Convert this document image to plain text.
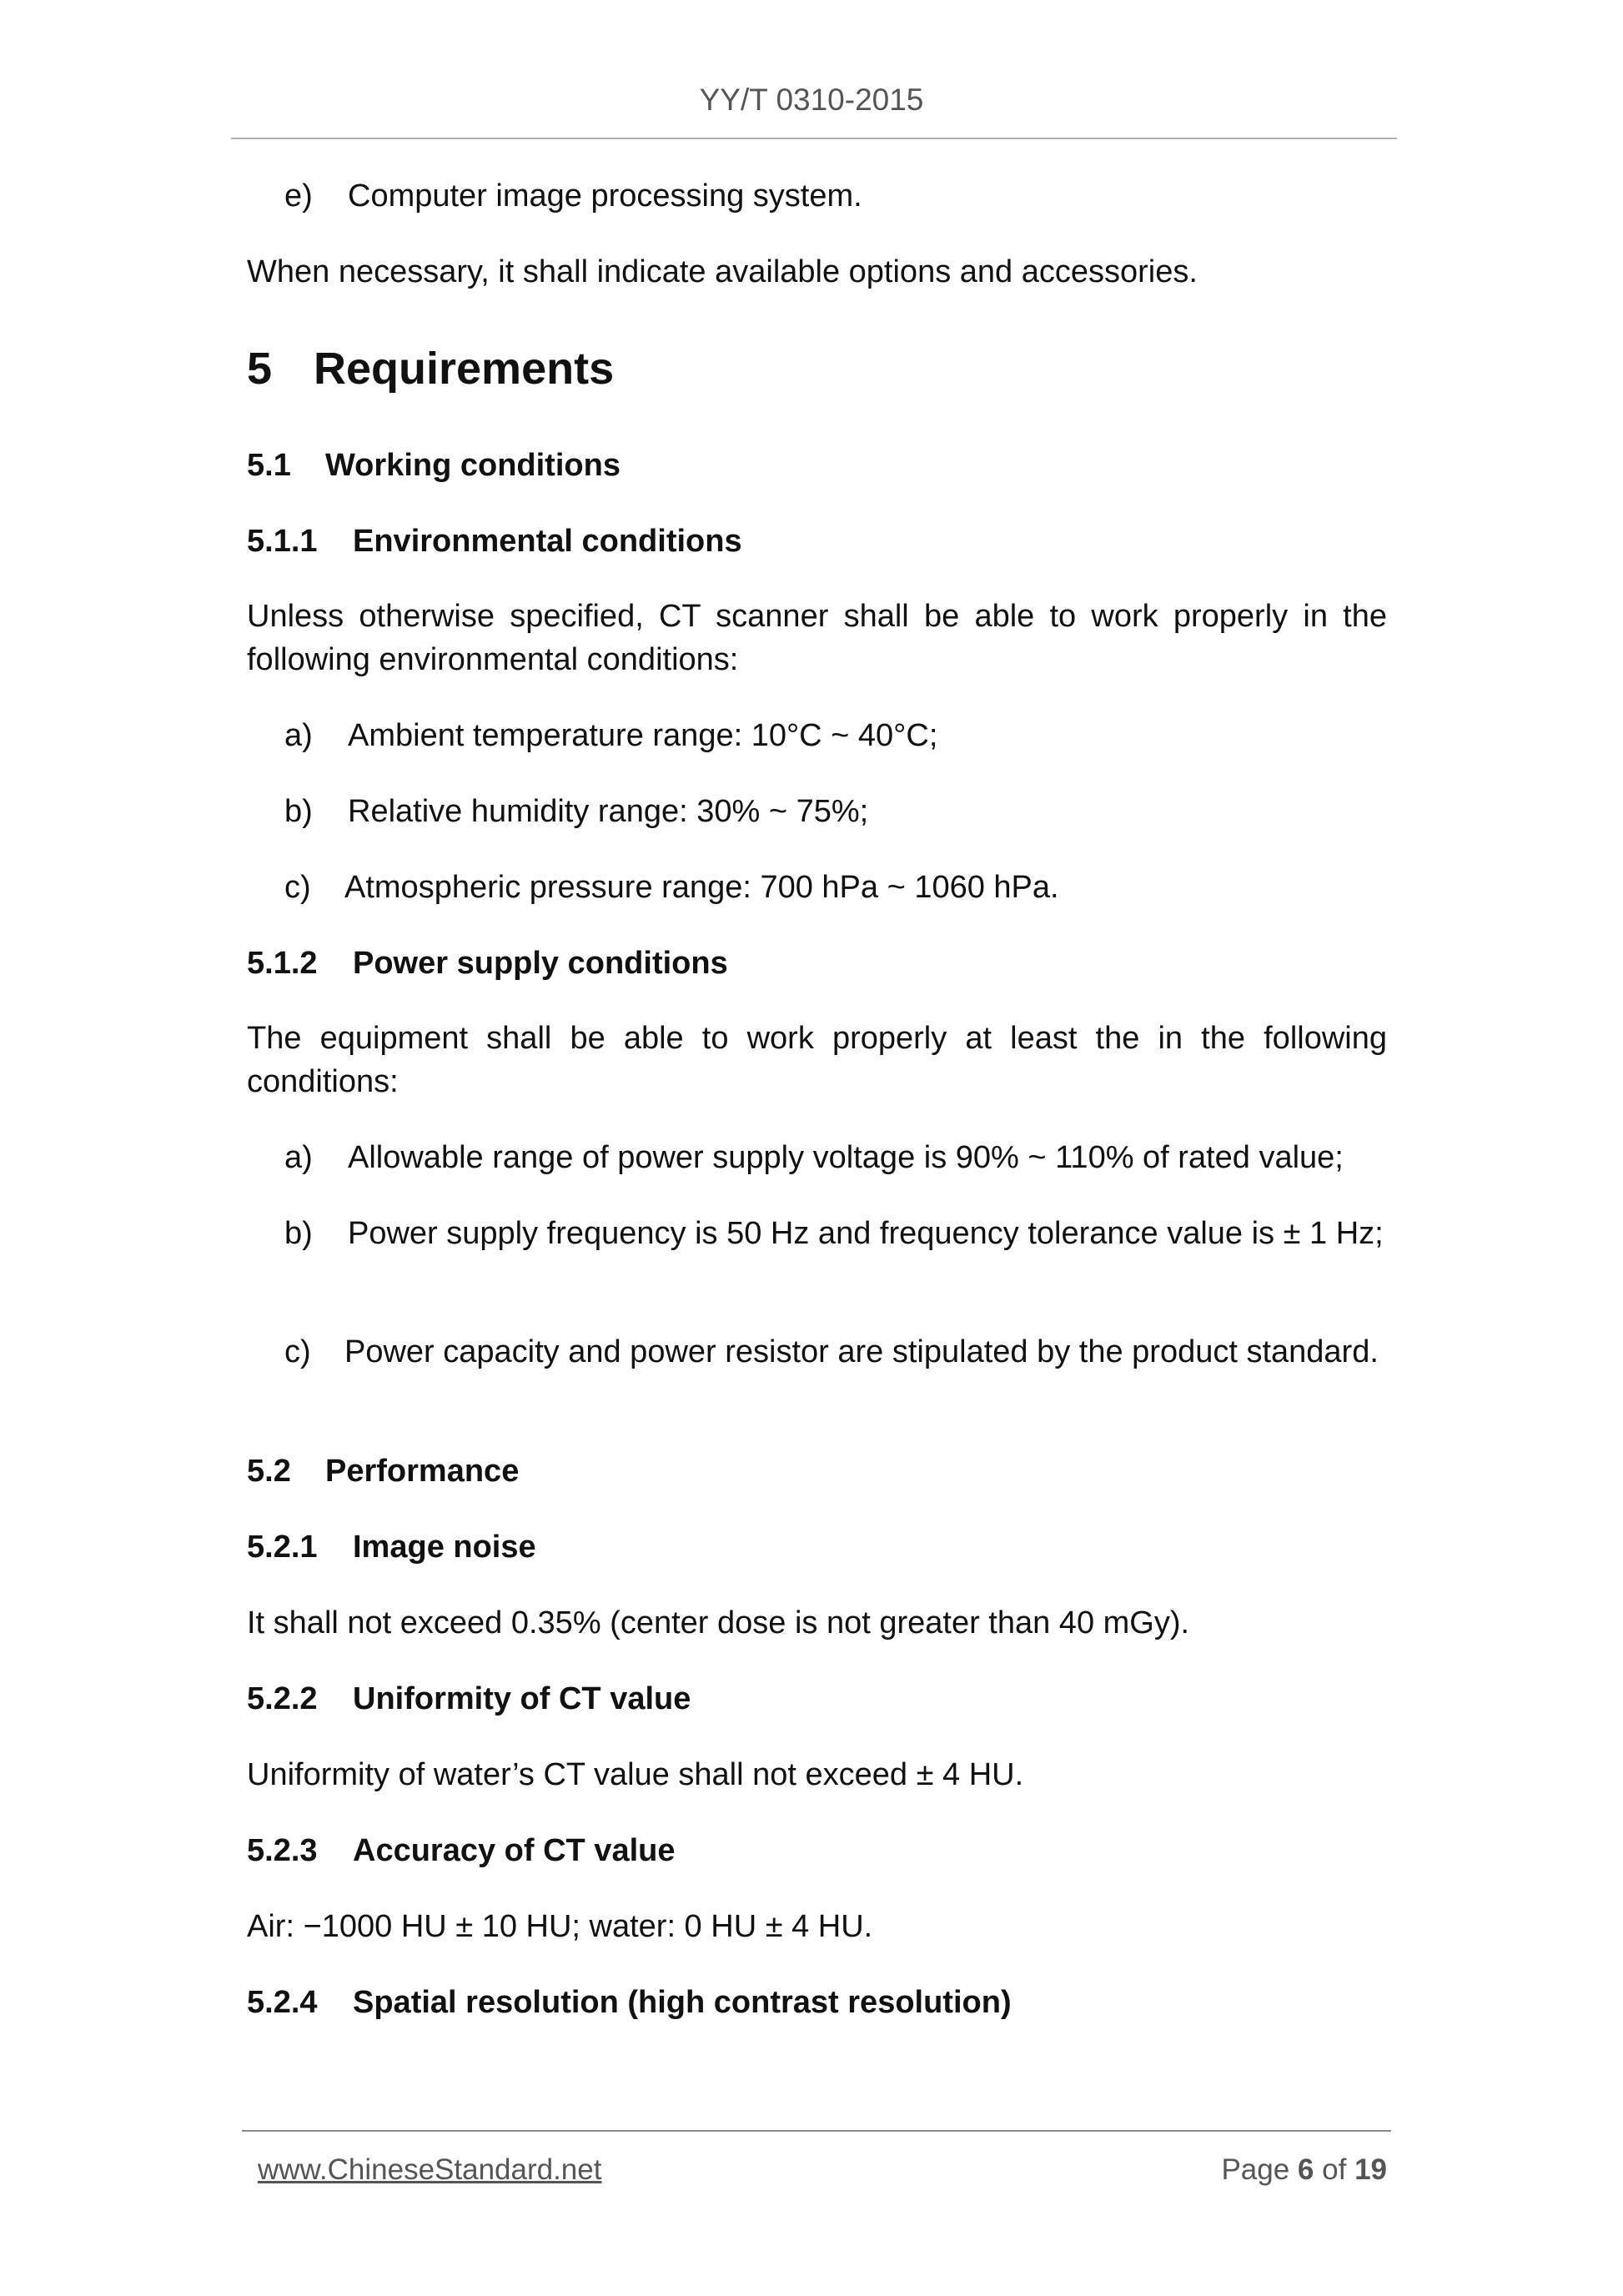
YY/T 0310-2015
e) Computer image processing system.
When necessary, it shall indicate available options and accessories.
5 Requirements
5.1 Working conditions
5.1.1 Environmental conditions
Unless otherwise specified, CT scanner shall be able to work properly in the following environmental conditions:
a) Ambient temperature range: 10°C ~ 40°C;
b) Relative humidity range: 30% ~ 75%;
c) Atmospheric pressure range: 700 hPa ~ 1060 hPa.
5.1.2 Power supply conditions
The equipment shall be able to work properly at least the in the following conditions:
a) Allowable range of power supply voltage is 90% ~ 110% of rated value;
b) Power supply frequency is 50 Hz and frequency tolerance value is ± 1 Hz;
c) Power capacity and power resistor are stipulated by the product standard.
5.2 Performance
5.2.1 Image noise
It shall not exceed 0.35% (center dose is not greater than 40 mGy).
5.2.2 Uniformity of CT value
Uniformity of water’s CT value shall not exceed ± 4 HU.
5.2.3 Accuracy of CT value
Air: −1000 HU ± 10 HU; water: 0 HU ± 4 HU.
5.2.4 Spatial resolution (high contrast resolution)
www.ChineseStandard.net	Page 6 of 19
